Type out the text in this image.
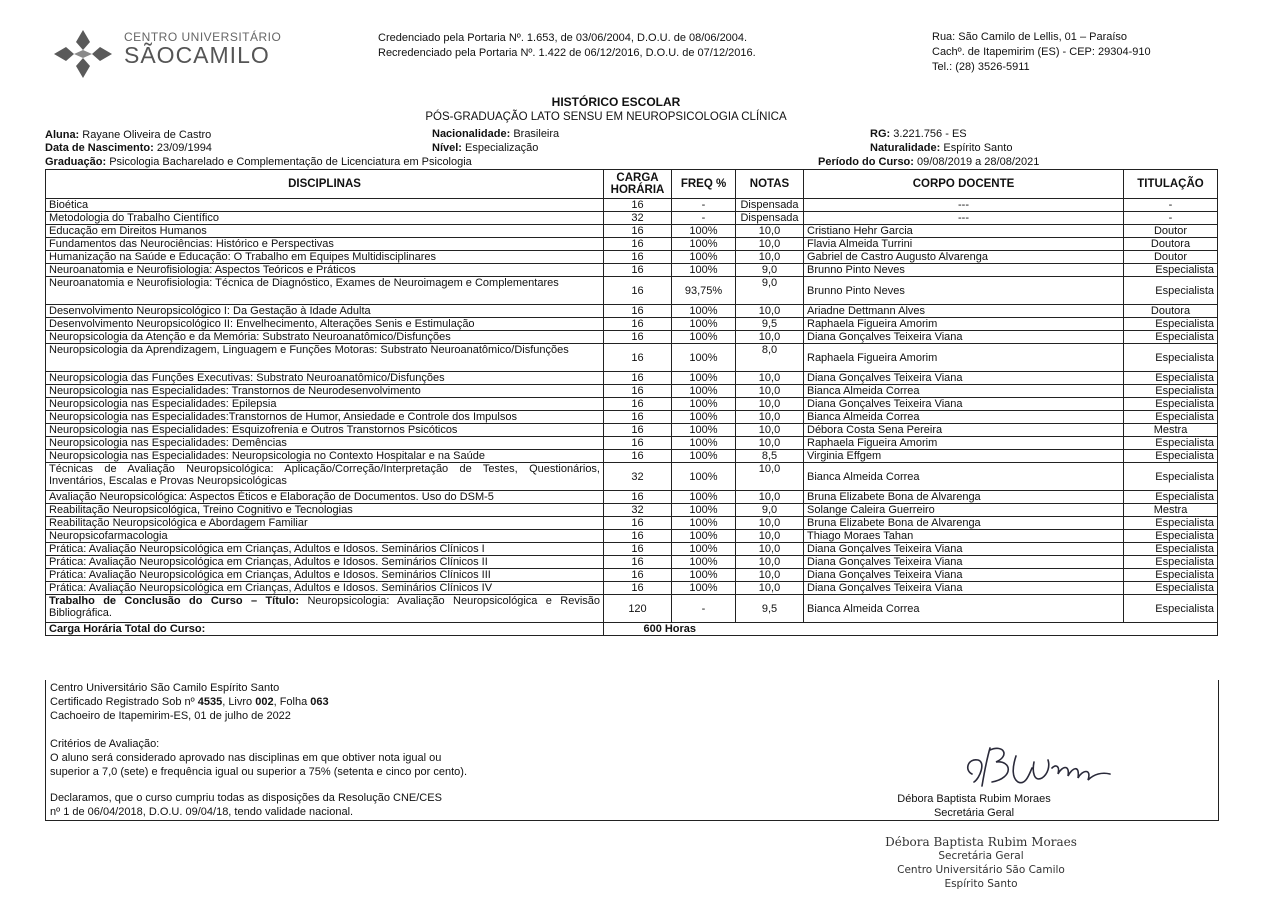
CENTRO UNIVERSITÁRIO
SÃOCAMILO
Credenciado pela Portaria Nº. 1.653, de 03/06/2004, D.O.U. de 08/06/2004.
Recredenciado pela Portaria Nº. 1.422 de 06/12/2016, D.O.U. de 07/12/2016.
Rua: São Camilo de Lellis, 01 – Paraíso
Cachº. de Itapemirim (ES) - CEP: 29304-910
Tel.: (28) 3526-5911
HISTÓRICO ESCOLAR
PÓS-GRADUAÇÃO LATO SENSU EM NEUROPSICOLOGIA CLÍNICA
Aluna: Rayane Oliveira de Castro
Data de Nascimento: 23/09/1994
Graduação: Psicologia Bacharelado e Complementação de Licenciatura em Psicologia
Nacionalidade: Brasileira
Nível: Especialização
RG: 3.221.756 - ES
Naturalidade: Espírito Santo
Período do Curso: 09/08/2019 a 28/08/2021
DISCIPLINAS	CARGA HORÁRIA	FREQ %	NOTAS	CORPO DOCENTE	TITULAÇÃO
Bioética	16	-	Dispensada	---	-
Metodologia do Trabalho Científico	32	-	Dispensada	---	-
Educação em Direitos Humanos	16	100%	10,0	Cristiano Hehr Garcia	Doutor
Fundamentos das Neurociências: Histórico e Perspectivas	16	100%	10,0	Flavia Almeida Turrini	Doutora
Humanização na Saúde e Educação: O Trabalho em Equipes Multidisciplinares	16	100%	10,0	Gabriel de Castro Augusto Alvarenga	Doutor
Neuroanatomia e Neurofisiologia: Aspectos Teóricos e Práticos	16	100%	9,0	Brunno Pinto Neves	Especialista
Neuroanatomia e Neurofisiologia: Técnica de Diagnóstico, Exames de Neuroimagem e Complementares	16	93,75%	9,0	Brunno Pinto Neves	Especialista
Desenvolvimento Neuropsicológico I: Da Gestação à Idade Adulta	16	100%	10,0	Ariadne Dettmann Alves	Doutora
Desenvolvimento Neuropsicológico II: Envelhecimento, Alterações Senis e Estimulação	16	100%	9,5	Raphaela Figueira Amorim	Especialista
Neuropsicologia da Atenção e da Memória: Substrato Neuroanatômico/Disfunções	16	100%	10,0	Diana Gonçalves Teixeira Viana	Especialista
Neuropsicologia da Aprendizagem, Linguagem e Funções Motoras: Substrato Neuroanatômico/Disfunções	16	100%	8,0	Raphaela Figueira Amorim	Especialista
Neuropsicologia das Funções Executivas: Substrato Neuroanatômico/Disfunções	16	100%	10,0	Diana Gonçalves Teixeira Viana	Especialista
Neuropsicologia nas Especialidades: Transtornos de Neurodesenvolvimento	16	100%	10,0	Bianca Almeida Correa	Especialista
Neuropsicologia nas Especialidades: Epilepsia	16	100%	10,0	Diana Gonçalves Teixeira Viana	Especialista
Neuropsicologia nas Especialidades:Transtornos de Humor, Ansiedade e Controle dos Impulsos	16	100%	10,0	Bianca Almeida Correa	Especialista
Neuropsicologia nas Especialidades: Esquizofrenia e Outros Transtornos Psicóticos	16	100%	10,0	Débora Costa Sena Pereira	Mestra
Neuropsicologia nas Especialidades: Demências	16	100%	10,0	Raphaela Figueira Amorim	Especialista
Neuropsicologia nas Especialidades: Neuropsicologia no Contexto Hospitalar e na Saúde	16	100%	8,5	Virginia Effgem	Especialista
Técnicas de Avaliação Neuropsicológica: Aplicação/Correção/Interpretação de Testes, Questionários, Inventários, Escalas e Provas Neuropsicológicas	32	100%	10,0	Bianca Almeida Correa	Especialista
Avaliação Neuropsicológica: Aspectos Éticos e Elaboração de Documentos. Uso do DSM-5	16	100%	10,0	Bruna Elizabete Bona de Alvarenga	Especialista
Reabilitação Neuropsicológica, Treino Cognitivo e Tecnologias	32	100%	9,0	Solange Caleira Guerreiro	Mestra
Reabilitação Neuropsicológica e Abordagem Familiar	16	100%	10,0	Bruna Elizabete Bona de Alvarenga	Especialista
Neuropsicofarmacologia	16	100%	10,0	Thiago Moraes Tahan	Especialista
Prática: Avaliação Neuropsicológica em Crianças, Adultos e Idosos. Seminários Clínicos I	16	100%	10,0	Diana Gonçalves Teixeira Viana	Especialista
Prática: Avaliação Neuropsicológica em Crianças, Adultos e Idosos. Seminários Clínicos II	16	100%	10,0	Diana Gonçalves Teixeira Viana	Especialista
Prática: Avaliação Neuropsicológica em Crianças, Adultos e Idosos. Seminários Clínicos III	16	100%	10,0	Diana Gonçalves Teixeira Viana	Especialista
Prática: Avaliação Neuropsicológica em Crianças, Adultos e Idosos. Seminários Clínicos IV	16	100%	10,0	Diana Gonçalves Teixeira Viana	Especialista
Trabalho de Conclusão do Curso – Título: Neuropsicologia: Avaliação Neuropsicológica e Revisão Bibliográfica.	120	-	9,5	Bianca Almeida Correa	Especialista
Carga Horária Total do Curso:	600 Horas				
Centro Universitário São Camilo Espírito Santo
Certificado Registrado Sob nº 4535, Livro 002, Folha 063
Cachoeiro de Itapemirim-ES, 01 de julho de 2022
Critérios de Avaliação:
O aluno será considerado aprovado nas disciplinas em que obtiver nota igual ou
superior a 7,0 (sete) e frequência igual ou superior a 75% (setenta e cinco por cento).
Declaramos, que o curso cumpriu todas as disposições da Resolução CNE/CES
nº 1 de 06/04/2018, D.O.U. 09/04/18, tendo validade nacional.
Débora Baptista Rubim Moraes
Secretária Geral
Débora Baptista Rubim Moraes
Secretária Geral
Centro Universitário São Camilo
Espírito Santo
